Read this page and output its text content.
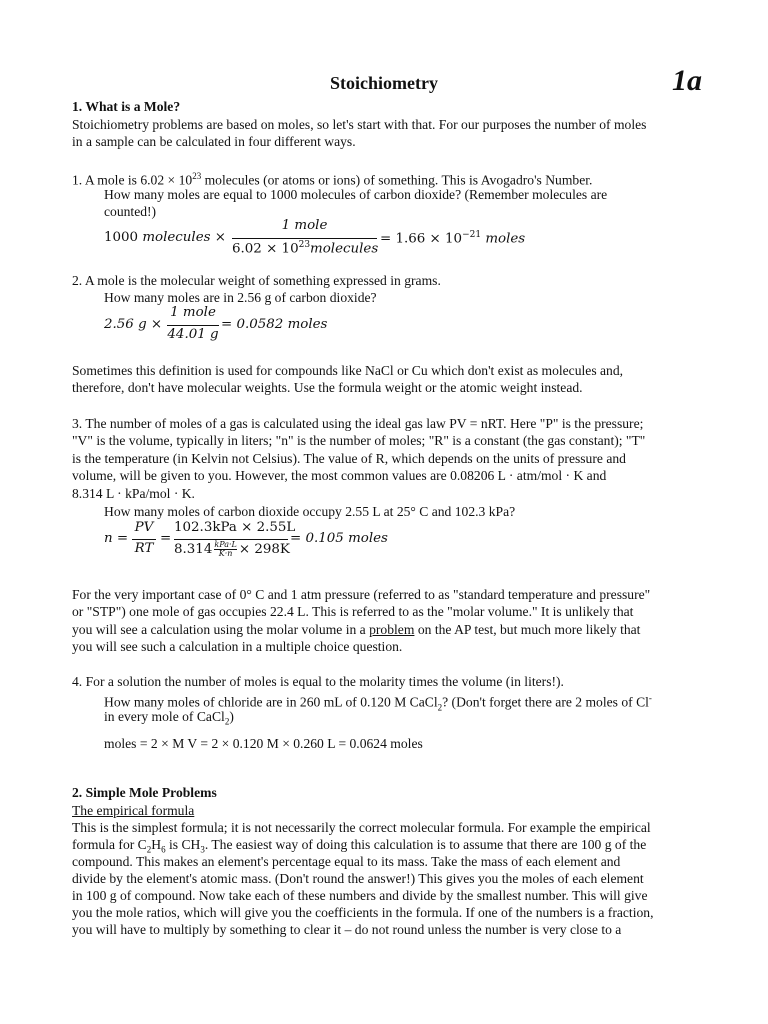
Stoichiometry	1a
1. What is a Mole?
Stoichiometry problems are based on moles, so let's start with that. For our purposes the number of moles
in a sample can be calculated in four different ways.
1. A mole is $6.02 \times 10^{23}$ molecules (or atoms or ions) of something. This is Avogadro's Number.
How many moles are equal to 1000 molecules of carbon dioxide? (Remember molecules are
counted!)
1000 molecules ×
1 mole
$6.02 \times 10^{23}molecules$
= $1.66 \times 10^{-21}$ moles
2. A mole is the molecular weight of something expressed in grams.
How many moles are in 2.56 g of carbon dioxide?
2.56 g ×
1 mole
44.01 g
= 0.0582 moles
Sometimes this definition is used for compounds like NaCl or Cu which don't exist as molecules and,
therefore, don't have molecular weights. Use the formula weight or the atomic weight instead.
3. The number of moles of a gas is calculated using the ideal gas law PV = nRT. Here "P" is the pressure;
"V" is the volume, typically in liters; "n" is the number of moles; "R" is a constant (the gas constant); "T"
is the temperature (in Kelvin not Celsius). The value of R, which depends on the units of pressure and
volume, will be given to you. However, the most common values are 0.08206 L · atm/mol · K and
8.314 L · kPa/mol · K.
How many moles of carbon dioxide occupy 2.55 L at 25° C and 102.3 kPa?
n =
PV
RT
=
102.3kPa × 2.55L
8.314 kPa·L
K·n × 298K
= 0.105 moles
For the very important case of 0° C and 1 atm pressure (referred to as "standard temperature and pressure"
or "STP") one mole of gas occupies 22.4 L. This is referred to as the "molar volume." It is unlikely that
you will see a calculation using the molar volume in a problem on the AP test, but much more likely that
you will see such a calculation in a multiple choice question.
4. For a solution the number of moles is equal to the molarity times the volume (in liters!).
How many moles of chloride are in 260 mL of 0.120 M CaCl$_2$? (Don't forget there are 2 moles of Cl-
in every mole of CaCl$_2$)
moles = 2 × M V = 2 × 0.120 M × 0.260 L = 0.0624 moles
2. Simple Mole Problems
The empirical formula
This is the simplest formula; it is not necessarily the correct molecular formula. For example the empirical
formula for $C_2H_6$ is $CH_3$. The easiest way of doing this calculation is to assume that there are 100 g of the
compound. This makes an element's percentage equal to its mass. Take the mass of each element and
divide by the element's atomic mass. (Don't round the answer!) This gives you the moles of each element
in 100 g of compound. Now take each of these numbers and divide by the smallest number. This will give
you the mole ratios, which will give you the coefficients in the formula. If one of the numbers is a fraction,
you will have to multiply by something to clear it – do not round unless the number is very close to a
